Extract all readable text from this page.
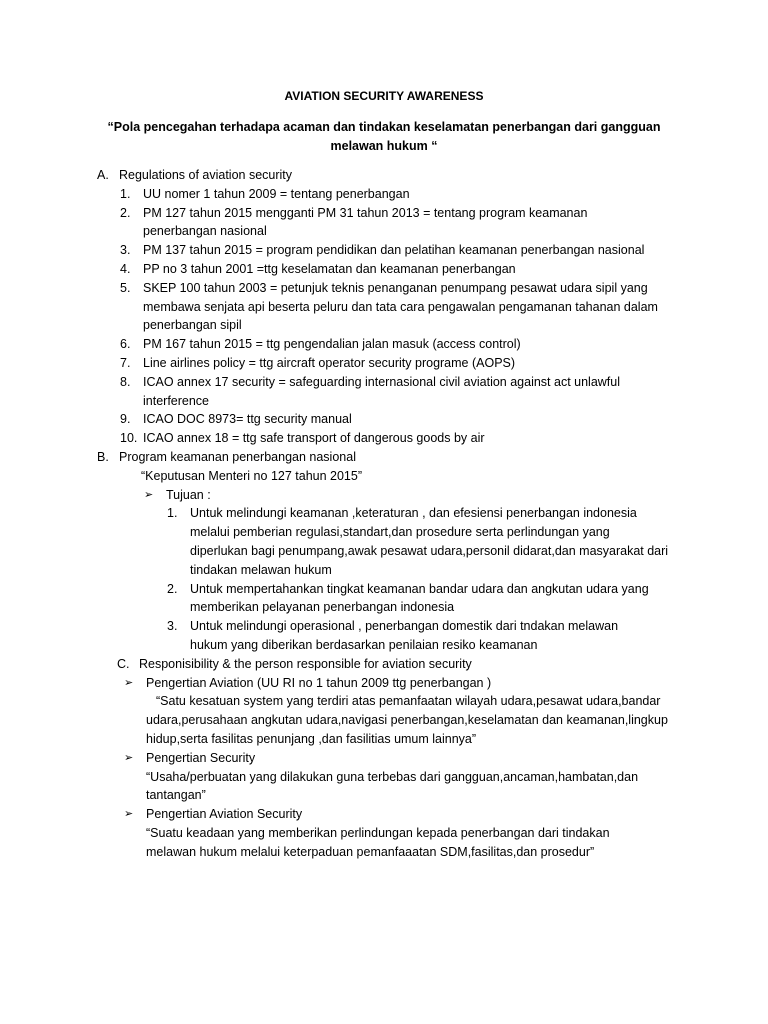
AVIATION SECURITY AWARENESS
“Pola pencegahan terhadapa acaman dan tindakan keselamatan penerbangan dari gangguan melawan hukum “
A. Regulations of aviation security
1.	UU nomer 1 tahun 2009 = tentang penerbangan
2.	PM 127 tahun 2015 mengganti PM 31 tahun 2013 = tentang program keamanan penerbangan nasional
3.	PM 137 tahun 2015 = program pendidikan dan pelatihan keamanan penerbangan nasional
4.	PP no 3 tahun 2001 =ttg keselamatan dan keamanan penerbangan
5.	SKEP 100 tahun 2003 = petunjuk teknis penanganan penumpang pesawat udara sipil yang membawa senjata api beserta peluru dan tata cara pengawalan pengamanan tahanan dalam penerbangan sipil
6.	PM 167 tahun 2015 = ttg pengendalian jalan masuk (access control)
7.	Line airlines policy = ttg aircraft operator security programe (AOPS)
8.	ICAO annex 17 security = safeguarding internasional civil aviation against act unlawful interference
9.	ICAO DOC 8973= ttg security manual
10. ICAO annex 18 = ttg safe transport of dangerous goods by air
B. Program keamanan penerbangan nasional
“Keputusan Menteri no 127 tahun 2015”
➢	Tujuan :
1.	Untuk melindungi keamanan ,keteraturan , dan efesiensi penerbangan indonesia melalui pemberian regulasi,standart,dan prosedure serta perlindungan yang diperlukan bagi penumpang,awak pesawat udara,personil didarat,dan masyarakat dari tindakan melawan hukum
2.	Untuk mempertahankan tingkat keamanan bandar udara dan angkutan udara yang memberikan pelayanan penerbangan indonesia
3.	Untuk melindungi operasional , penerbangan domestik dari tndakan melawan hukum yang diberikan berdasarkan penilaian resiko keamanan
C. Responisibility & the person responsible for aviation security
➢	Pengertian Aviation (UU RI no 1 tahun 2009 ttg penerbangan )
“Satu kesatuan system yang terdiri atas pemanfaatan wilayah udara,pesawat udara,bandar udara,perusahaan angkutan udara,navigasi penerbangan,keselamatan dan keamanan,lingkup hidup,serta fasilitas penunjang ,dan fasilitias umum lainnya”
➢	Pengertian Security
“Usaha/perbuatan yang dilakukan guna terbebas dari gangguan,ancaman,hambatan,dan tantangan”
➢	Pengertian Aviation Security
“Suatu keadaan yang memberikan perlindungan kepada penerbangan dari tindakan melawan hukum melalui keterpaduan pemanfaaatan SDM,fasilitas,dan prosedur”
